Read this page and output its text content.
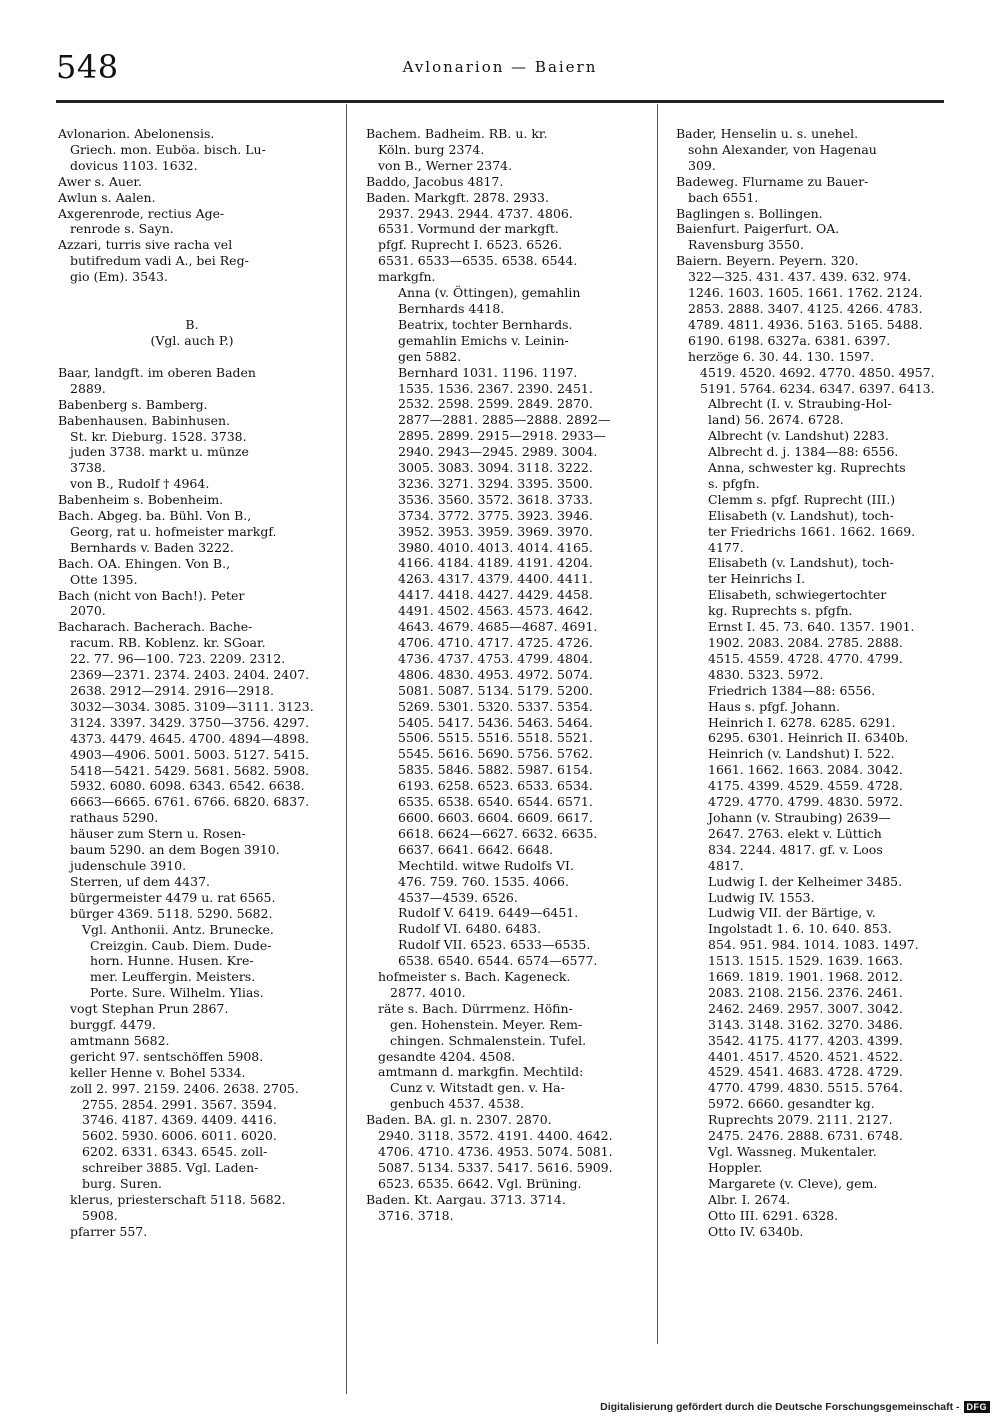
548	Avlonarion — Baiern
Avlonarion. Abelonensis.
Griech. mon. Euböa. bisch. Lu-
dovicus 1103. 1632.
Awer s. Auer.
Awlun s. Aalen.
Axgerenrode, rectius Age-
renrode s. Sayn.
Azzari, turris sive racha vel
butifredum vadi A., bei Reg-
gio (Em). 3543.
B.
(Vgl. auch P.)
Baar, landgft. im oberen Baden
2889.
Babenberg s. Bamberg.
Babenhausen. Babinhusen.
St. kr. Dieburg. 1528. 3738.
juden 3738. markt u. münze
3738.
von B., Rudolf † 4964.
Babenheim s. Bobenheim.
Bach. Abgeg. ba. Bühl. Von B.,
Georg, rat u. hofmeister markgf.
Bernhards v. Baden 3222.
Bach. OA. Ehingen. Von B.,
Otte 1395.
Bach (nicht von Bach!). Peter
2070.
Bacharach. Bacherach. Bache-
racum. RB. Koblenz. kr. SGoar.
22. 77. 96—100. 723. 2209. 2312.
2369—2371. 2374. 2403. 2404. 2407.
2638. 2912—2914. 2916—2918.
3032—3034. 3085. 3109—3111. 3123.
3124. 3397. 3429. 3750—3756. 4297.
4373. 4479. 4645. 4700. 4894—4898.
4903—4906. 5001. 5003. 5127. 5415.
5418—5421. 5429. 5681. 5682. 5908.
5932. 6080. 6098. 6343. 6542. 6638.
6663—6665. 6761. 6766. 6820. 6837.
rathaus 5290.
häuser zum Stern u. Rosen-
baum 5290. an dem Bogen 3910.
judenschule 3910.
Sterren, uf dem 4437.
bürgermeister 4479 u. rat 6565.
bürger 4369. 5118. 5290. 5682.
Vgl. Anthonii. Antz. Brunecke.
Creizgin. Caub. Diem. Dude-
horn. Hunne. Husen. Kre-
mer. Leuffergin. Meisters.
Porte. Sure. Wilhelm. Ylias.
vogt Stephan Prun 2867.
burggf. 4479.
amtmann 5682.
gericht 97. sentschöffen 5908.
keller Henne v. Bohel 5334.
zoll 2. 997. 2159. 2406. 2638. 2705.
2755. 2854. 2991. 3567. 3594.
3746. 4187. 4369. 4409. 4416.
5602. 5930. 6006. 6011. 6020.
6202. 6331. 6343. 6545. zoll-
schreiber 3885. Vgl. Laden-
burg. Suren.
klerus, priesterschaft 5118. 5682.
5908.
pfarrer 557.
Bachem. Badheim. RB. u. kr.
Köln. burg 2374.
von B., Werner 2374.
Baddo, Jacobus 4817.
Baden. Markgft. 2878. 2933.
2937. 2943. 2944. 4737. 4806.
6531. Vormund der markgft.
pfgf. Ruprecht I. 6523. 6526.
6531. 6533—6535. 6538. 6544.
markgfn.
Anna (v. Öttingen), gemahlin
Bernhards 4418.
Beatrix, tochter Bernhards.
gemahlin Emichs v. Leinin-
gen 5882.
Bernhard 1031. 1196. 1197.
1535. 1536. 2367. 2390. 2451.
2532. 2598. 2599. 2849. 2870.
2877—2881. 2885—2888. 2892—
2895. 2899. 2915—2918. 2933—
2940. 2943—2945. 2989. 3004.
3005. 3083. 3094. 3118. 3222.
3236. 3271. 3294. 3395. 3500.
3536. 3560. 3572. 3618. 3733.
3734. 3772. 3775. 3923. 3946.
3952. 3953. 3959. 3969. 3970.
3980. 4010. 4013. 4014. 4165.
4166. 4184. 4189. 4191. 4204.
4263. 4317. 4379. 4400. 4411.
4417. 4418. 4427. 4429. 4458.
4491. 4502. 4563. 4573. 4642.
4643. 4679. 4685—4687. 4691.
4706. 4710. 4717. 4725. 4726.
4736. 4737. 4753. 4799. 4804.
4806. 4830. 4953. 4972. 5074.
5081. 5087. 5134. 5179. 5200.
5269. 5301. 5320. 5337. 5354.
5405. 5417. 5436. 5463. 5464.
5506. 5515. 5516. 5518. 5521.
5545. 5616. 5690. 5756. 5762.
5835. 5846. 5882. 5987. 6154.
6193. 6258. 6523. 6533. 6534.
6535. 6538. 6540. 6544. 6571.
6600. 6603. 6604. 6609. 6617.
6618. 6624—6627. 6632. 6635.
6637. 6641. 6642. 6648.
Mechtild. witwe Rudolfs VI.
476. 759. 760. 1535. 4066.
4537—4539. 6526.
Rudolf V. 6419. 6449—6451.
Rudolf VI. 6480. 6483.
Rudolf VII. 6523. 6533—6535.
6538. 6540. 6544. 6574—6577.
hofmeister s. Bach. Kageneck.
2877. 4010.
räte s. Bach. Dürrmenz. Höfin-
gen. Hohenstein. Meyer. Rem-
chingen. Schmalenstein. Tufel.
gesandte 4204. 4508.
amtmann d. markgfin. Mechtild:
Cunz v. Witstadt gen. v. Ha-
genbuch 4537. 4538.
Baden. BA. gl. n. 2307. 2870.
2940. 3118. 3572. 4191. 4400. 4642.
4706. 4710. 4736. 4953. 5074. 5081.
5087. 5134. 5337. 5417. 5616. 5909.
6523. 6535. 6642. Vgl. Brüning.
Baden. Kt. Aargau. 3713. 3714.
3716. 3718.
Bader, Henselin u. s. unehel.
sohn Alexander, von Hagenau
309.
Badeweg. Flurname zu Bauer-
bach 6551.
Baglingen s. Bollingen.
Baienfurt. Paigerfurt. OA.
Ravensburg 3550.
Baiern. Beyern. Peyern. 320.
322—325. 431. 437. 439. 632. 974.
1246. 1603. 1605. 1661. 1762. 2124.
2853. 2888. 3407. 4125. 4266. 4783.
4789. 4811. 4936. 5163. 5165. 5488.
6190. 6198. 6327a. 6381. 6397.
herzöge 6. 30. 44. 130. 1597.
4519. 4520. 4692. 4770. 4850. 4957.
5191. 5764. 6234. 6347. 6397. 6413.
Albrecht (I. v. Straubing-Hol-
land) 56. 2674. 6728.
Albrecht (v. Landshut) 2283.
Albrecht d. j. 1384—88: 6556.
Anna, schwester kg. Ruprechts
s. pfgfn.
Clemm s. pfgf. Ruprecht (III.)
Elisabeth (v. Landshut), toch-
ter Friedrichs 1661. 1662. 1669.
4177.
Elisabeth (v. Landshut), toch-
ter Heinrichs I.
Elisabeth, schwiegertochter
kg. Ruprechts s. pfgfn.
Ernst I. 45. 73. 640. 1357. 1901.
1902. 2083. 2084. 2785. 2888.
4515. 4559. 4728. 4770. 4799.
4830. 5323. 5972.
Friedrich 1384—88: 6556.
Haus s. pfgf. Johann.
Heinrich I. 6278. 6285. 6291.
6295. 6301. Heinrich II. 6340b.
Heinrich (v. Landshut) I. 522.
1661. 1662. 1663. 2084. 3042.
4175. 4399. 4529. 4559. 4728.
4729. 4770. 4799. 4830. 5972.
Johann (v. Straubing) 2639—
2647. 2763. elekt v. Lüttich
834. 2244. 4817. gf. v. Loos
4817.
Ludwig I. der Kelheimer 3485.
Ludwig IV. 1553.
Ludwig VII. der Bärtige, v.
Ingolstadt 1. 6. 10. 640. 853.
854. 951. 984. 1014. 1083. 1497.
1513. 1515. 1529. 1639. 1663.
1669. 1819. 1901. 1968. 2012.
2083. 2108. 2156. 2376. 2461.
2462. 2469. 2957. 3007. 3042.
3143. 3148. 3162. 3270. 3486.
3542. 4175. 4177. 4203. 4399.
4401. 4517. 4520. 4521. 4522.
4529. 4541. 4683. 4728. 4729.
4770. 4799. 4830. 5515. 5764.
5972. 6660. gesandter kg.
Ruprechts 2079. 2111. 2127.
2475. 2476. 2888. 6731. 6748.
Vgl. Wassneg. Mukentaler.
Hoppler.
Margarete (v. Cleve), gem.
Albr. I. 2674.
Otto III. 6291. 6328.
Otto IV. 6340b.
Digitalisierung gefördert durch die Deutsche Forschungsgemeinschaft - DFG
